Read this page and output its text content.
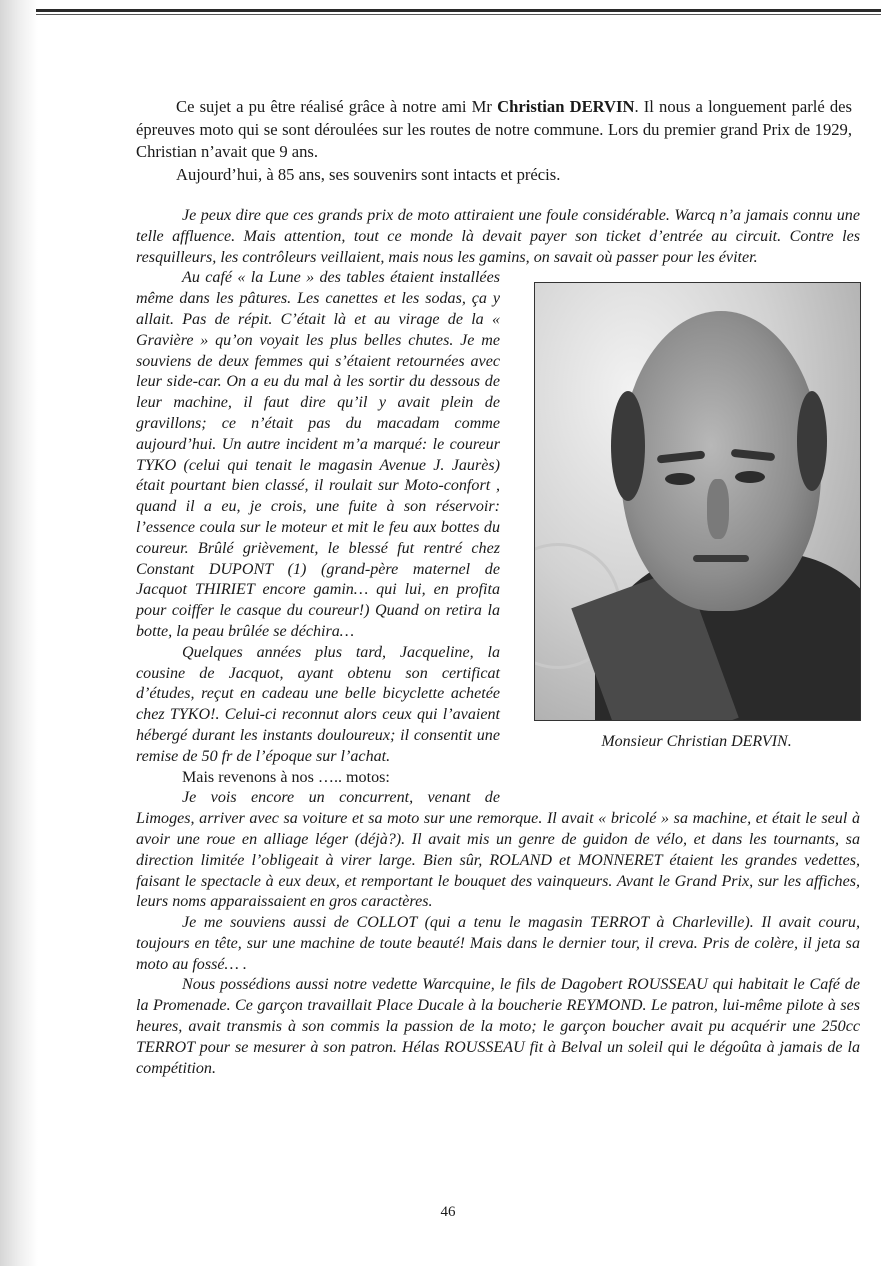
Ce sujet a pu être réalisé grâce à notre ami Mr Christian DERVIN. Il nous a longuement parlé des épreuves moto qui se sont déroulées sur les routes de notre commune. Lors du premier grand Prix de 1929, Christian n’avait que 9 ans.

Aujourd’hui, à 85 ans, ses souvenirs sont intacts et précis.

Je peux dire que ces grands prix de moto attiraient une foule considérable. Warcq n’a jamais connu une telle affluence. Mais attention, tout ce monde là devait payer son ticket d’entrée au circuit. Contre les resquilleurs, les contrôleurs veillaient, mais nous les gamins, on savait où passer pour les éviter.

Monsieur Christian DERVIN.

Au café « la Lune » des tables étaient installées même dans les pâtures. Les canettes et les sodas, ça y allait. Pas de répit. C’était là et au virage de la « Gravière » qu’on voyait les plus belles chutes. Je me souviens de deux femmes qui s’étaient retournées avec leur side-car. On a eu du mal à les sortir du dessous de leur machine, il faut dire qu’il y avait plein de gravillons; ce n’était pas du macadam comme aujourd’hui. Un autre incident m’a marqué: le coureur TYKO (celui qui tenait le magasin Avenue J. Jaurès) était pourtant bien classé, il roulait sur Moto-confort , quand il a eu, je crois, une fuite à son réservoir: l’essence coula sur le moteur et mit le feu aux bottes du coureur. Brûlé grièvement, le blessé fut rentré chez Constant DUPONT (1) (grand-père maternel de Jacquot THIRIET encore gamin… qui lui, en profita pour coiffer le casque du coureur!) Quand on retira la botte, la peau brûlée se déchira…

Quelques années plus tard, Jacqueline, la cousine de Jacquot, ayant obtenu son certificat d’études, reçut en cadeau une belle bicyclette achetée chez TYKO!. Celui-ci reconnut alors ceux qui l’avaient hébergé durant les instants douloureux; il consentit une remise de 50 fr de l’époque sur l’achat.

Mais revenons à nos ….. motos:

Je vois encore un concurrent, venant de Limoges, arriver avec sa voiture et sa moto sur une remorque. Il avait « bricolé » sa machine, et était le seul à avoir une roue en alliage léger (déjà?). Il avait mis un genre de guidon de vélo, et dans les tournants, sa direction limitée l’obligeait à virer large. Bien sûr, ROLAND et MONNERET étaient les grandes vedettes, faisant le spectacle à eux deux, et remportant le bouquet des vainqueurs. Avant le Grand Prix, sur les affiches, leurs noms apparaissaient en gros caractères.

Je me souviens aussi de COLLOT (qui a tenu le magasin TERROT à Charleville). Il avait couru, toujours en tête, sur une machine de toute beauté! Mais dans le dernier tour, il creva. Pris de colère, il jeta sa moto au fossé… .

Nous possédions aussi notre vedette Warcquine, le fils de Dagobert ROUSSEAU qui habitait le Café de la Promenade. Ce garçon travaillait Place Ducale à la boucherie REYMOND. Le patron, lui-même pilote à ses heures, avait transmis à son commis la passion de la moto; le garçon boucher avait pu acquérir une 250cc TERROT pour se mesurer à son patron. Hélas ROUSSEAU fit à Belval un soleil qui le dégoûta à jamais de la compétition.

46
